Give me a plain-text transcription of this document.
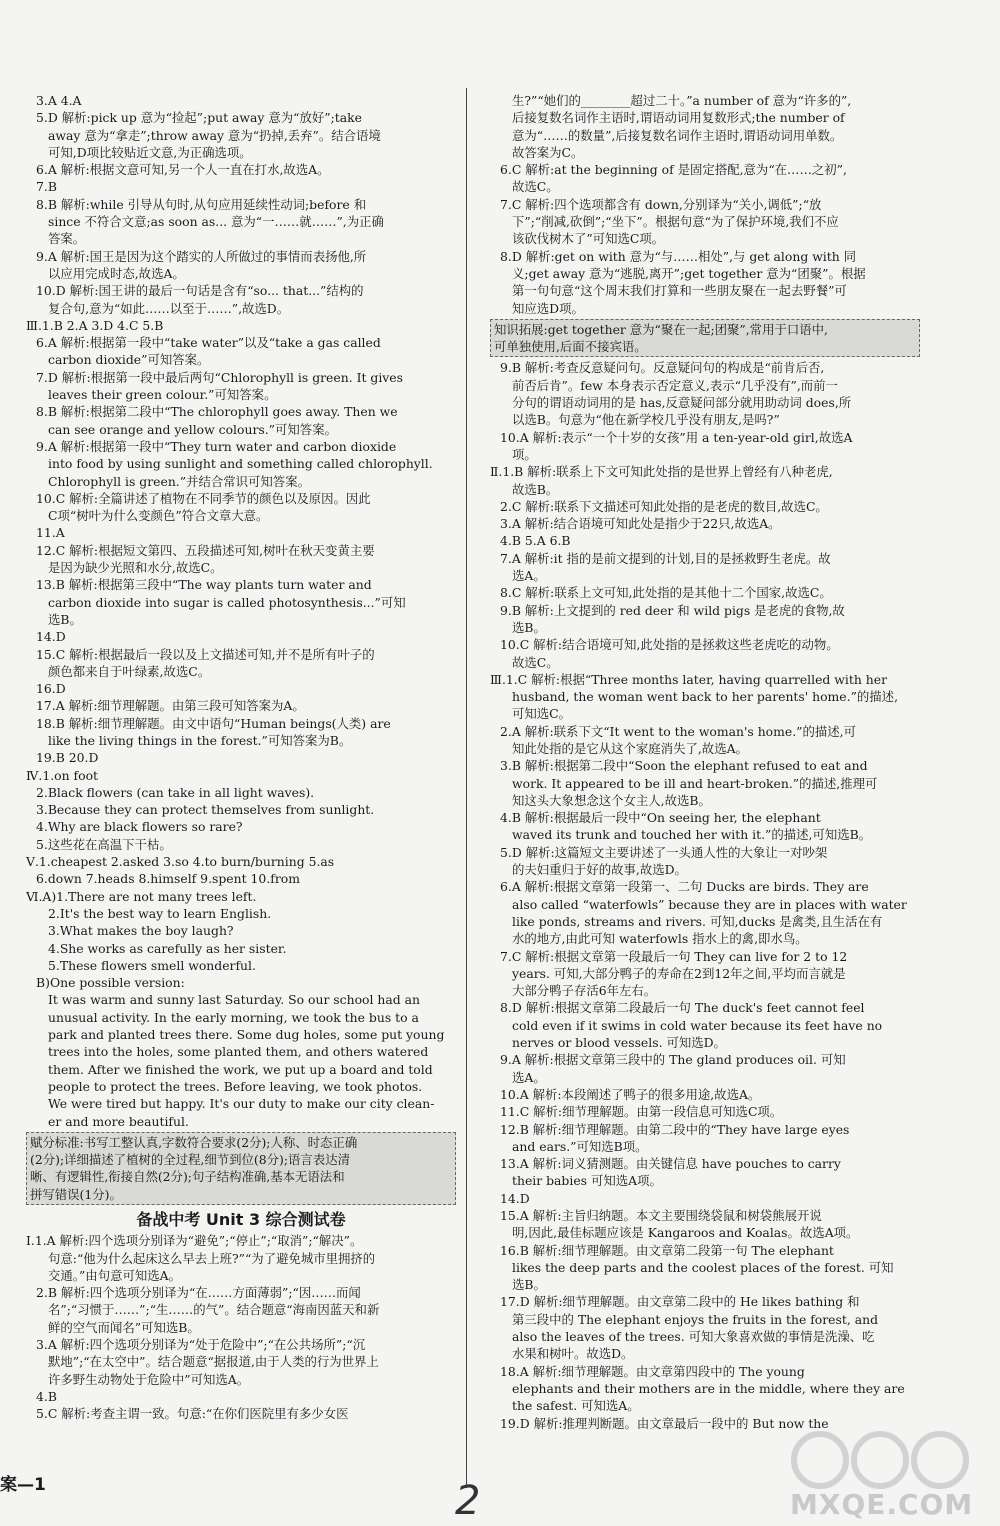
3.A 4.A
5.D 解析:pick up 意为“捡起”;put away 意为“放好”;take
away 意为“拿走”;throw away 意为“扔掉,丢弃”。结合语境
可知,D项比较贴近文意,为正确选项。
6.A 解析:根据文意可知,另一个人一直在打水,故选A。
7.B
8.B 解析:while 引导从句时,从句应用延续性动词;before 和
since 不符合文意;as soon as... 意为“一……就……”,为正确
答案。
9.A 解析:国王是因为这个踏实的人所做过的事情而表扬他,所
以应用完成时态,故选A。
10.D 解析:国王讲的最后一句话是含有“so... that...”结构的
复合句,意为“如此……以至于……”,故选D。
Ⅲ.1.B 2.A 3.D 4.C 5.B
6.A 解析:根据第一段中“take water”以及“take a gas called
carbon dioxide”可知答案。
7.D 解析:根据第一段中最后两句“Chlorophyll is green. It gives
leaves their green colour.”可知答案。
8.B 解析:根据第二段中“The chlorophyll goes away. Then we
can see orange and yellow colours.”可知答案。
9.A 解析:根据第一段中“They turn water and carbon dioxide
into food by using sunlight and something called chlorophyll.
Chlorophyll is green.”并结合常识可知答案。
10.C 解析:全篇讲述了植物在不同季节的颜色以及原因。因此
C项“树叶为什么变颜色”符合文章大意。
11.A
12.C 解析:根据短文第四、五段描述可知,树叶在秋天变黄主要
是因为缺少光照和水分,故选C。
13.B 解析:根据第三段中“The way plants turn water and
carbon dioxide into sugar is called photosynthesis...”可知
选B。
14.D
15.C 解析:根据最后一段以及上文描述可知,并不是所有叶子的
颜色都来自于叶绿素,故选C。
16.D
17.A 解析:细节理解题。由第三段可知答案为A。
18.B 解析:细节理解题。由文中语句“Human beings(人类) are
like the living things in the forest.”可知答案为B。
19.B 20.D
Ⅳ.1.on foot
2.Black flowers (can take in all light waves).
3.Because they can protect themselves from sunlight.
4.Why are black flowers so rare?
5.这些花在高温下干枯。
Ⅴ.1.cheapest 2.asked 3.so 4.to burn/burning 5.as
6.down 7.heads 8.himself 9.spent 10.from
Ⅵ.A)1.There are not many trees left.
2.It's the best way to learn English.
3.What makes the boy laugh?
4.She works as carefully as her sister.
5.These flowers smell wonderful.
B)One possible version:
It was warm and sunny last Saturday. So our school had an
unusual activity. In the early morning, we took the bus to a
park and planted trees there. Some dug holes, some put young
trees into the holes, some planted them, and others watered
them. After we finished the work, we put up a board and told
people to protect the trees. Before leaving, we took photos.
We were tired but happy. It's our duty to make our city clean-
er and more beautiful.
赋分标准:书写工整认真,字数符合要求(2分);人称、时态正确
(2分);详细描述了植树的全过程,细节到位(8分);语言表达清
晰、有逻辑性,衔接自然(2分);句子结构准确,基本无语法和
拼写错误(1分)。
备战中考 Unit 3 综合测试卷
Ⅰ.1.A 解析:四个选项分别译为“避免”;“停止”;“取消”;“解决”。
句意:“他为什么起床这么早去上班?”“为了避免城市里拥挤的
交通。”由句意可知选A。
2.B 解析:四个选项分别译为“在……方面薄弱”;“因……而闻
名”;“习惯于……”;“生……的气”。结合题意“海南因蓝天和新
鲜的空气而闻名”可知选B。
3.A 解析:四个选项分别译为“处于危险中”;“在公共场所”;“沉
默地”;“在太空中”。结合题意“据报道,由于人类的行为世界上
许多野生动物处于危险中”可知选A。
4.B
5.C 解析:考查主谓一致。句意:“在你们医院里有多少女医
生?”“她们的________超过二十。”a number of 意为“许多的”,
后接复数名词作主语时,谓语动词用复数形式;the number of
意为“……的数量”,后接复数名词作主语时,谓语动词用单数。
故答案为C。
6.C 解析:at the beginning of 是固定搭配,意为“在……之初”,
故选C。
7.C 解析:四个选项都含有 down,分别译为“关小,调低”;“放
下”;“削减,砍倒”;“坐下”。根据句意“为了保护环境,我们不应
该砍伐树木了”可知选C项。
8.D 解析:get on with 意为“与……相处”,与 get along with 同
义;get away 意为“逃脱,离开”;get together 意为“团聚”。根据
第一句句意“这个周末我们打算和一些朋友聚在一起去野餐”可
知应选D项。
知识拓展:get together 意为“聚在一起;团聚”,常用于口语中,
可单独使用,后面不接宾语。
9.B 解析:考查反意疑问句。反意疑问句的构成是“前肯后否,
前否后肯”。few 本身表示否定意义,表示“几乎没有”,而前一
分句的谓语动词用的是 has,反意疑问部分就用助动词 does,所
以选B。句意为“他在新学校几乎没有朋友,是吗?”
10.A 解析:表示“一个十岁的女孩”用 a ten-year-old girl,故选A
项。
Ⅱ.1.B 解析:联系上下文可知此处指的是世界上曾经有八种老虎,
故选B。
2.C 解析:联系下文描述可知此处指的是老虎的数目,故选C。
3.A 解析:结合语境可知此处是指少于22只,故选A。
4.B 5.A 6.B
7.A 解析:it 指的是前文提到的计划,目的是拯救野生老虎。故
选A。
8.C 解析:联系上文可知,此处指的是其他十二个国家,故选C。
9.B 解析:上文提到的 red deer 和 wild pigs 是老虎的食物,故
选B。
10.C 解析:结合语境可知,此处指的是拯救这些老虎吃的动物。
故选C。
Ⅲ.1.C 解析:根据“Three months later, having quarrelled with her
husband, the woman went back to her parents' home.”的描述,
可知选C。
2.A 解析:联系下文“It went to the woman's home.”的描述,可
知此处指的是它从这个家庭消失了,故选A。
3.B 解析:根据第二段中“Soon the elephant refused to eat and
work. It appeared to be ill and heart-broken.”的描述,推理可
知这头大象想念这个女主人,故选B。
4.B 解析:根据最后一段中“On seeing her, the elephant
waved its trunk and touched her with it.”的描述,可知选B。
5.D 解析:这篇短文主要讲述了一头通人性的大象让一对吵架
的夫妇重归于好的故事,故选D。
6.A 解析:根据文章第一段第一、二句 Ducks are birds. They are
also called “waterfowls” because they are in places with water
like ponds, streams and rivers. 可知,ducks 是禽类,且生活在有
水的地方,由此可知 waterfowls 指水上的禽,即水鸟。
7.C 解析:根据文章第一段最后一句 They can live for 2 to 12
years. 可知,大部分鸭子的寿命在2到12年之间,平均而言就是
大部分鸭子存活6年左右。
8.D 解析:根据文章第二段最后一句 The duck's feet cannot feel
cold even if it swims in cold water because its feet have no
nerves or blood vessels. 可知选D。
9.A 解析:根据文章第三段中的 The gland produces oil. 可知
选A。
10.A 解析:本段阐述了鸭子的很多用途,故选A。
11.C 解析:细节理解题。由第一段信息可知选C项。
12.B 解析:细节理解题。由第二段中的“They have large eyes
and ears.”可知选B项。
13.A 解析:词义猜测题。由关键信息 have pouches to carry
their babies 可知选A项。
14.D
15.A 解析:主旨归纳题。本文主要围绕袋鼠和树袋熊展开说
明,因此,最佳标题应该是 Kangaroos and Koalas。故选A项。
16.B 解析:细节理解题。由文章第二段第一句 The elephant
likes the deep parts and the coolest places of the forest. 可知
选B。
17.D 解析:细节理解题。由文章第二段中的 He likes bathing 和
第三段中的 The elephant enjoys the fruits in the forest, and
also the leaves of the trees. 可知大象喜欢做的事情是洗澡、吃
水果和树叶。故选D。
18.A 解析:细节理解题。由文章第四段中的 The young
elephants and their mothers are in the middle, where they are
the safest. 可知选A。
19.D 解析:推理判断题。由文章最后一段中的 But now the
案—1	2	MXQE.COM
